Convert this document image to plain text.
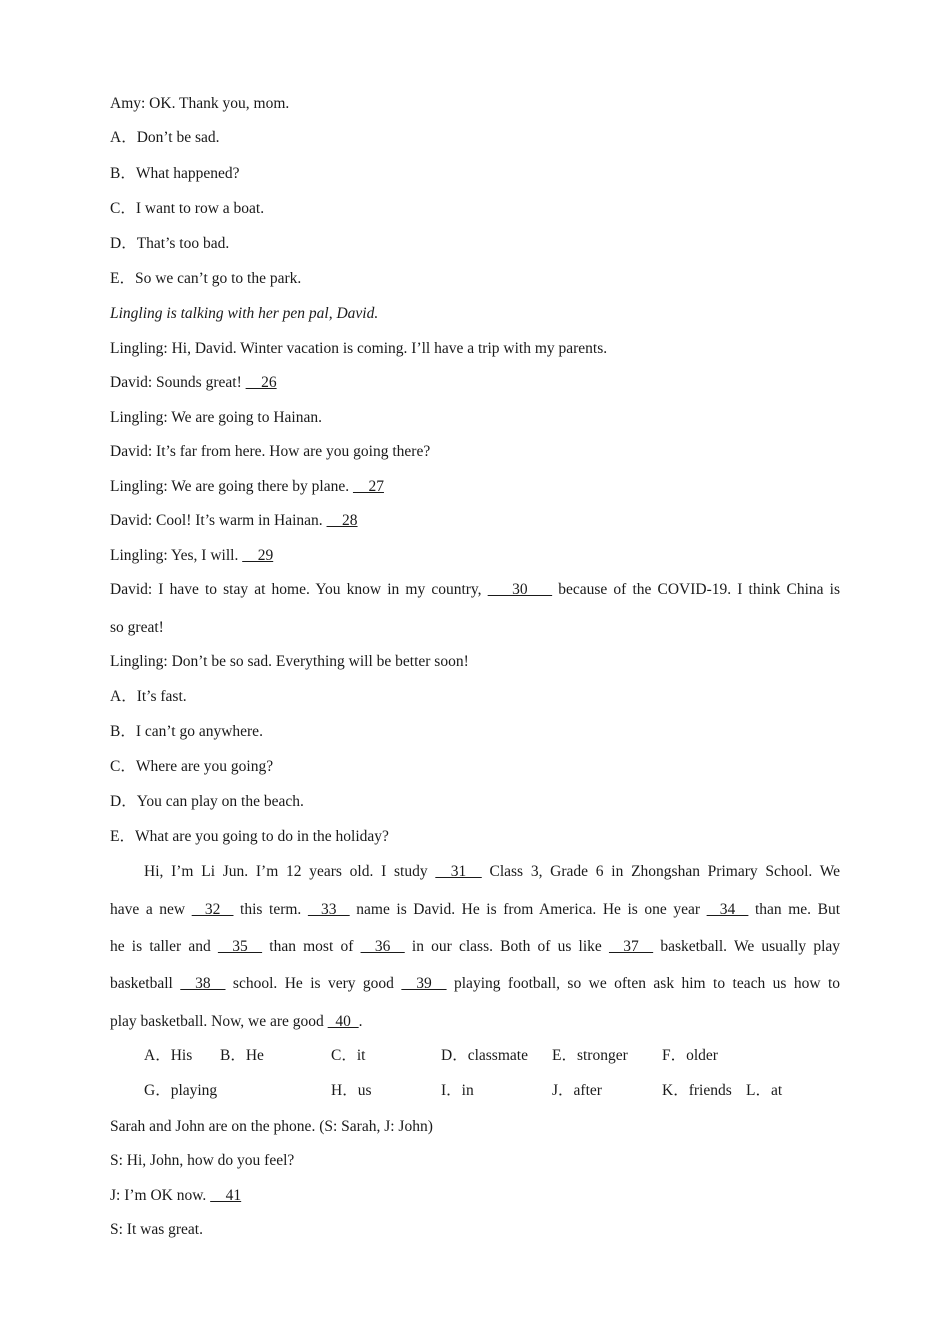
Amy: OK. Thank you, mom.
A．Don’t be sad.
B．What happened?
C．I want to row a boat.
D．That’s too bad.
E．So we can’t go to the park.
Lingling is talking with her pen pal, David.
Lingling: Hi, David. Winter vacation is coming. I’ll have a trip with my parents.
David: Sounds great!     26
Lingling: We are going to Hainan.
David: It’s far from here. How are you going there?
Lingling: We are going there by plane.     27
David: Cool! It’s warm in Hainan.     28
Lingling: Yes, I will.     29
David: I have to stay at home. You know in my country,     30     because of the COVID-19. I think China is
so great!
Lingling: Don’t be so sad. Everything will be better soon!
A．It’s fast.
B．I can’t go anywhere.
C．Where are you going?
D．You can play on the beach.
E．What are you going to do in the holiday?
Hi, I’m Li Jun. I’m 12 years old. I study   31   Class 3, Grade 6 in Zhongshan Primary School. We
have a new   32   this term.   33   name is David. He is from America. He is one year   34   than me. But
he is taller and   35   than most of   36   in our class. Both of us like   37   basketball. We usually play
basketball   38   school. He is very good   39   playing football, so we often ask him to teach us how to
play basketball. Now, we are good   40  .
A．His B．He	C．it	D．classmate E．stronger F．older
G．playing	H．us	I．in	J．after	K．friends L．at
Sarah and John are on the phone. (S: Sarah, J: John)
S: Hi, John, how do you feel?
J: I’m OK now.     41
S: It was great.
